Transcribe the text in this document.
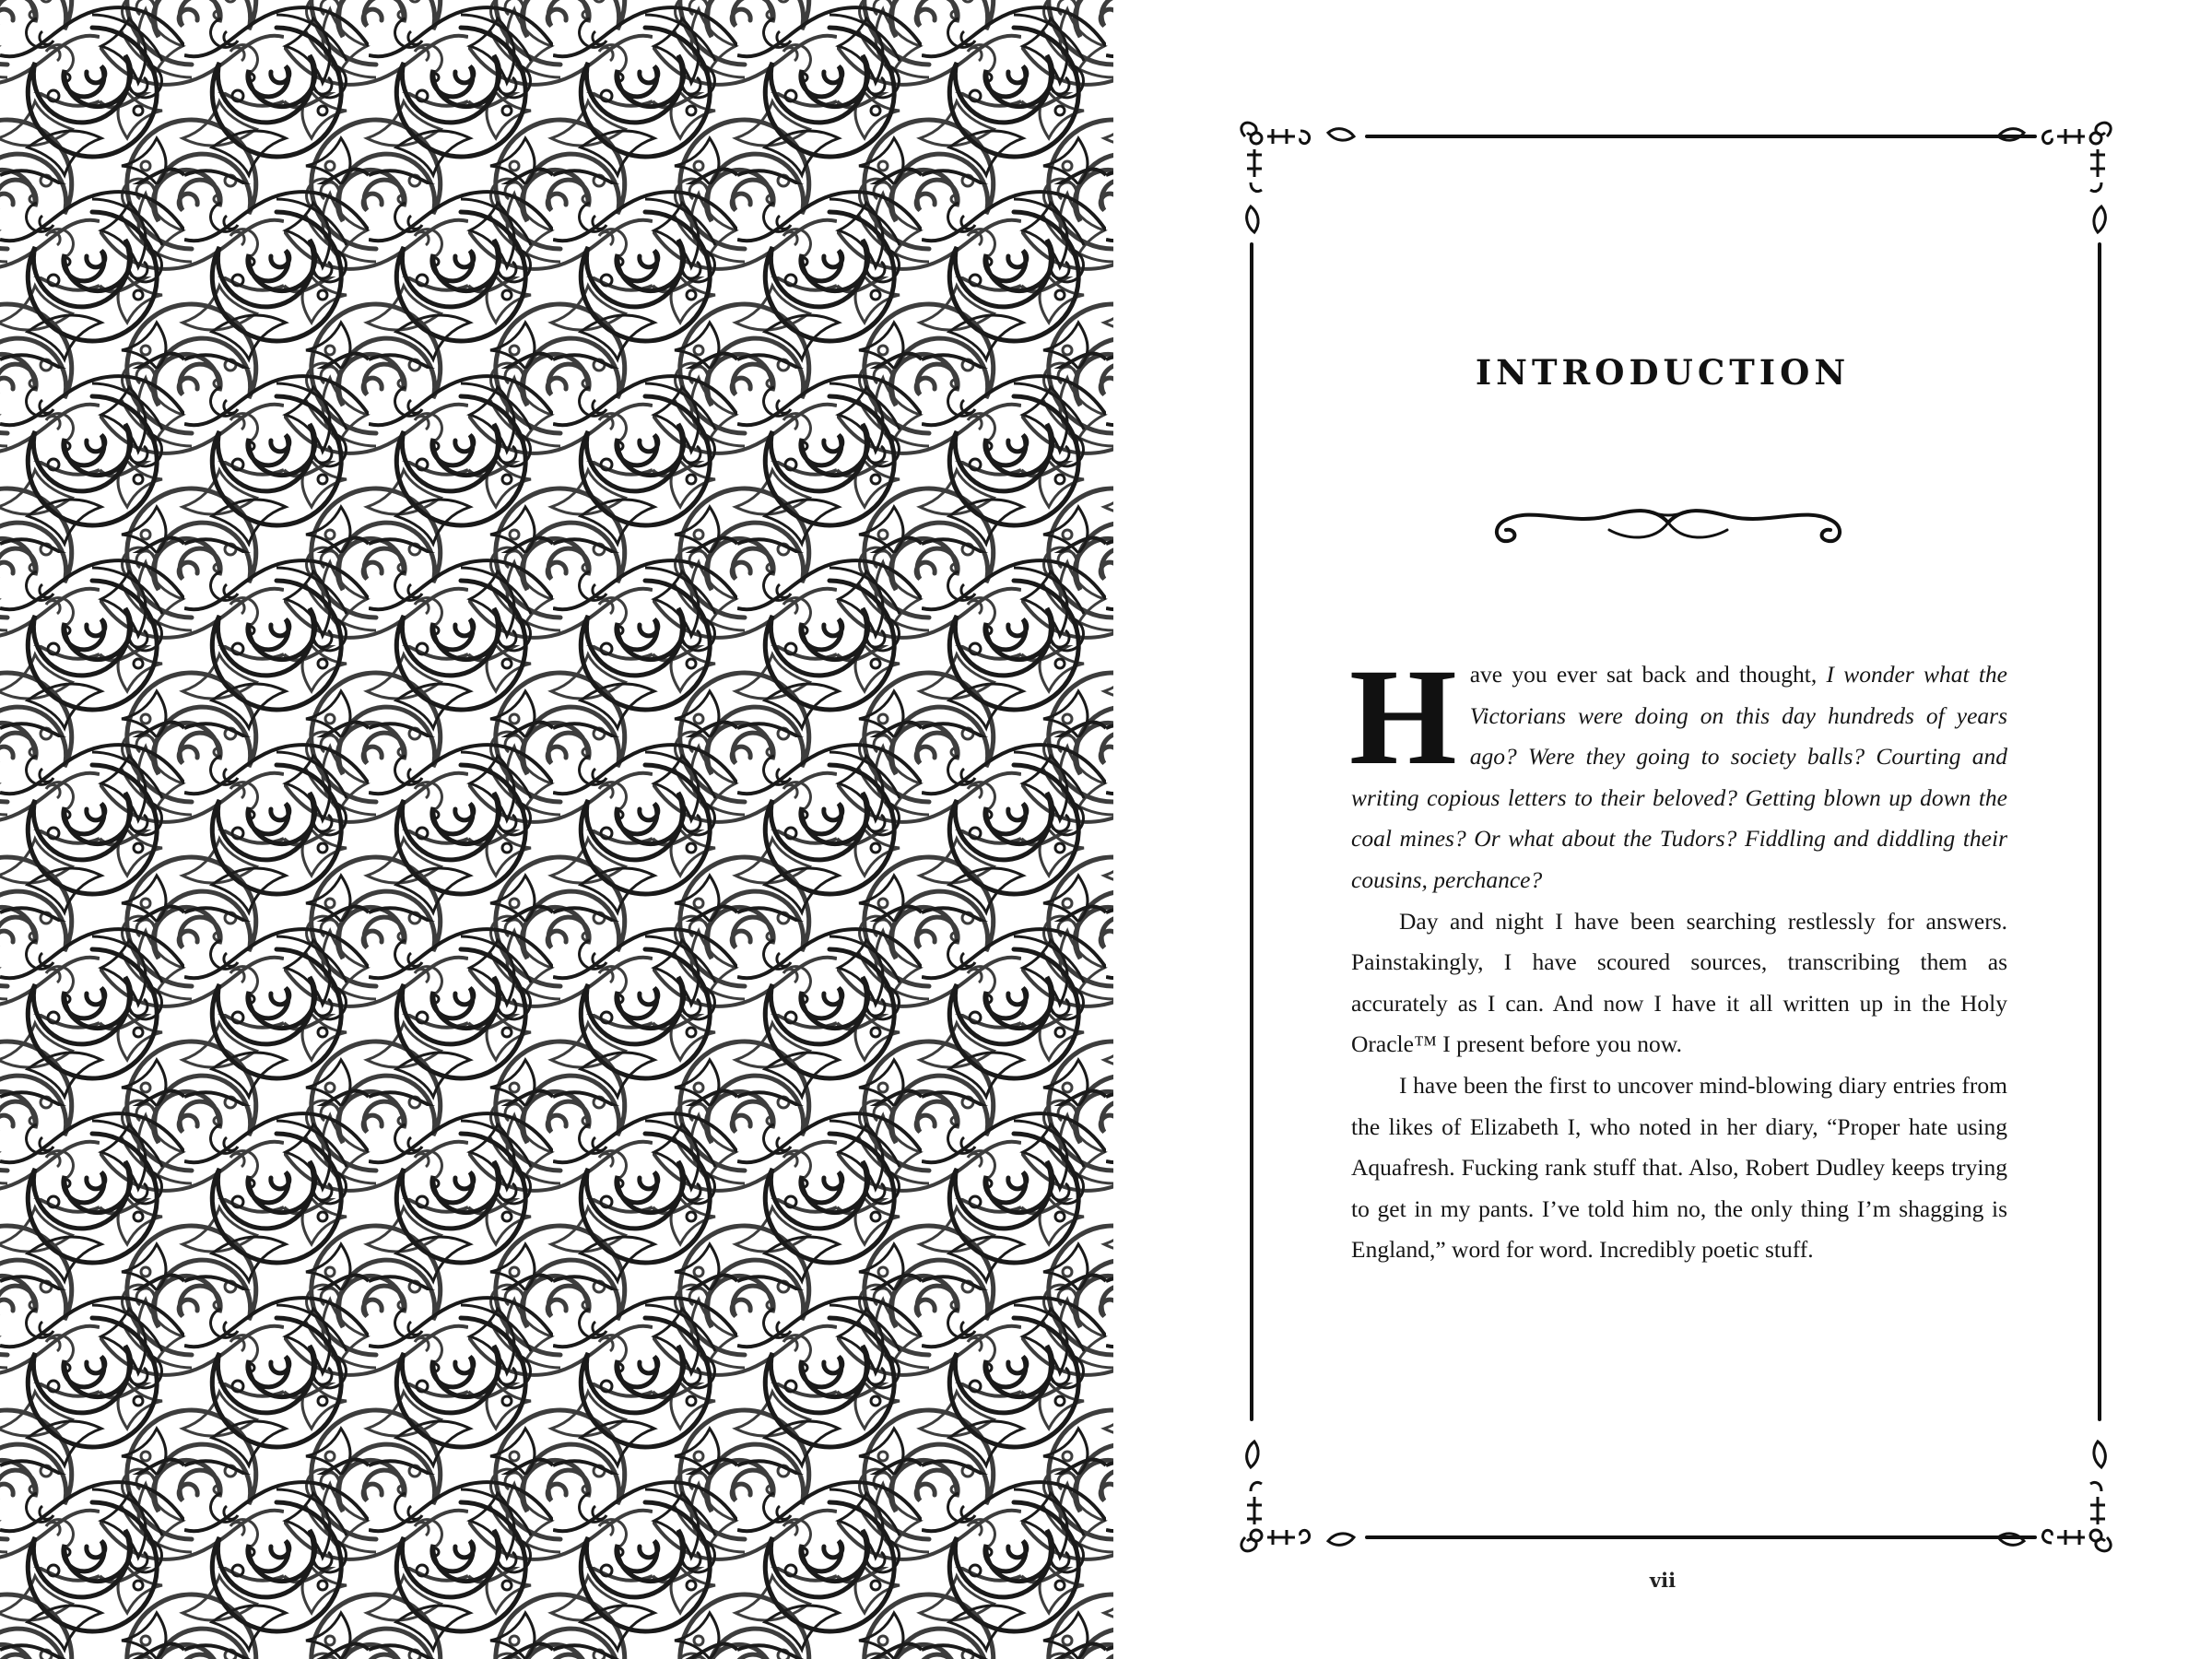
INTRODUCTION

Have you ever sat back and thought, I wonder what the Victorians were doing on this day hundreds of years ago? Were they going to society balls? Courting and writing copious letters to their beloved? Getting blown up down the coal mines? Or what about the Tudors? Fiddling and diddling their cousins, perchance?

Day and night I have been searching restlessly for answers. Painstakingly, I have scoured sources, transcribing them as accurately as I can. And now I have it all written up in the Holy Oracle™ I present before you now.

I have been the first to uncover mind-blowing diary entries from the likes of Elizabeth I, who noted in her diary, “Proper hate using Aquafresh. Fucking rank stuff that. Also, Robert Dudley keeps trying to get in my pants. I’ve told him no, the only thing I’m shagging is England,” word for word. Incredibly poetic stuff.

vii
